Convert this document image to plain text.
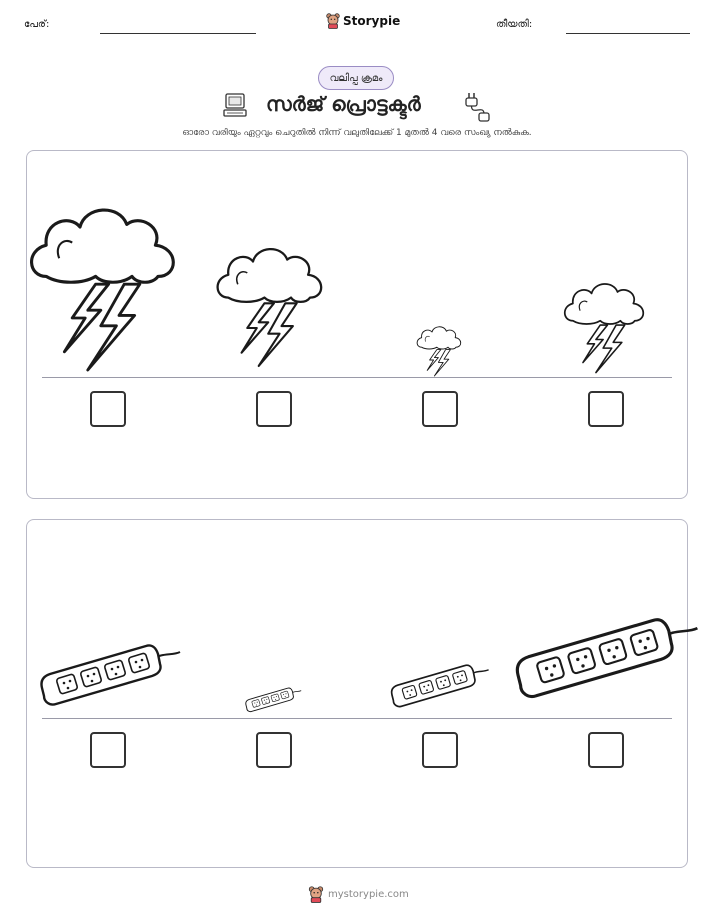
പേര്:	Storypie	തീയതി:
വലിപ്പ ക്രമം
സർജ് പ്രൊട്ടക്ടർ
ഓരോ വരിയും ഏറ്റവും ചെറുതിൽ നിന്ന് വലുതിലേക്ക് 1 മുതൽ 4 വരെ സംഖ്യ നൽകുക.
mystorypie.com
